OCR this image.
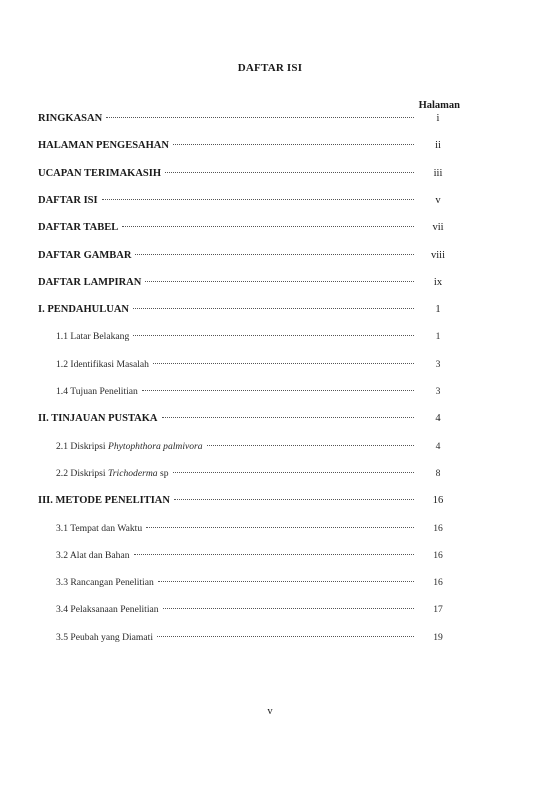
DAFTAR ISI
Halaman
RINGKASAN	i
HALAMAN PENGESAHAN	ii
UCAPAN TERIMAKASIH	iii
DAFTAR ISI	v
DAFTAR TABEL	vii
DAFTAR GAMBAR	viii
DAFTAR LAMPIRAN	ix
I. PENDAHULUAN	1
1.1 Latar Belakang	1
1.2 Identifikasi Masalah	3
1.4 Tujuan Penelitian	3
II. TINJAUAN PUSTAKA	4
2.1 Diskripsi Phytophthora palmivora	4
2.2 Diskripsi Trichoderma sp	8
III. METODE PENELITIAN	16
3.1 Tempat dan Waktu	16
3.2 Alat dan Bahan	16
3.3 Rancangan Penelitian	16
3.4 Pelaksanaan Penelitian	17
3.5 Peubah yang Diamati	19
v
